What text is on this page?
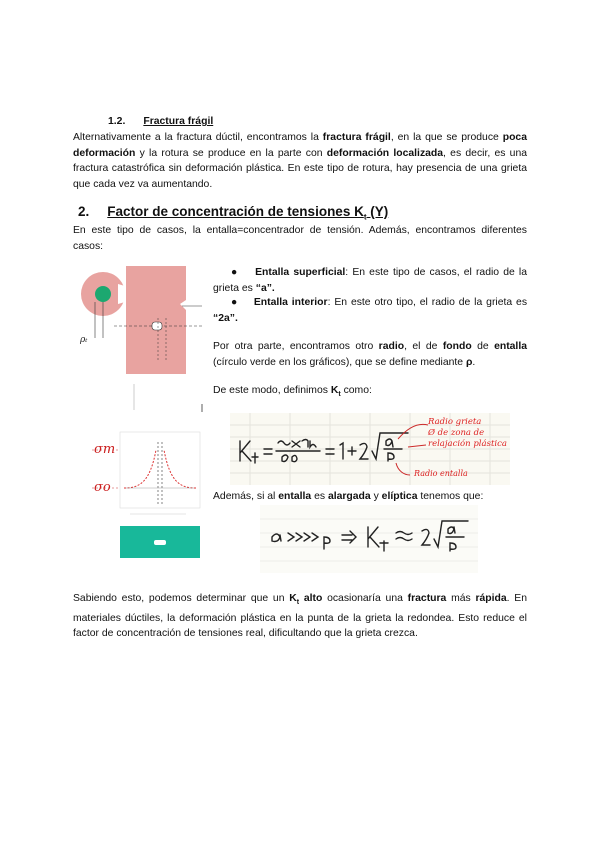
1.2. Fractura frágil

Alternativamente a la fractura dúctil, encontramos la fractura frágil, en la que se produce poca deformación y la rotura se produce en la parte con deformación localizada, es decir, es una fractura catastrófica sin deformación plástica. En este tipo de rotura, hay presencia de una grieta que cada vez va aumentando.

2. Factor de concentración de tensiones $K_t$ (Y)

En este tipo de casos, la entalla=concentrador de tensión. Además, encontramos diferentes casos:

●    Entalla superficial: En este tipo de casos, el radio de la grieta es “a”.

●    Entalla interior: En este otro tipo, el radio de la grieta es “2a”.

Por otra parte, encontramos otro radio, el de fondo de entalla (círculo verde en los gráficos), que se define mediante ρ.

De este modo, definimos $K_t$ como:

Radio grieta
Ø de zona de
relajación plástica
Radio entalla

Además, si al entalla es alargada y elíptica tenemos que:

ρₜ
σm
σo

Sabiendo esto, podemos determinar que un $K_t$ alto ocasionaría una fractura más rápida. En materiales dúctiles, la deformación plástica en la punta de la grieta la redondea. Esto reduce el factor de concentración de tensiones real, dificultando que la grieta crezca.
